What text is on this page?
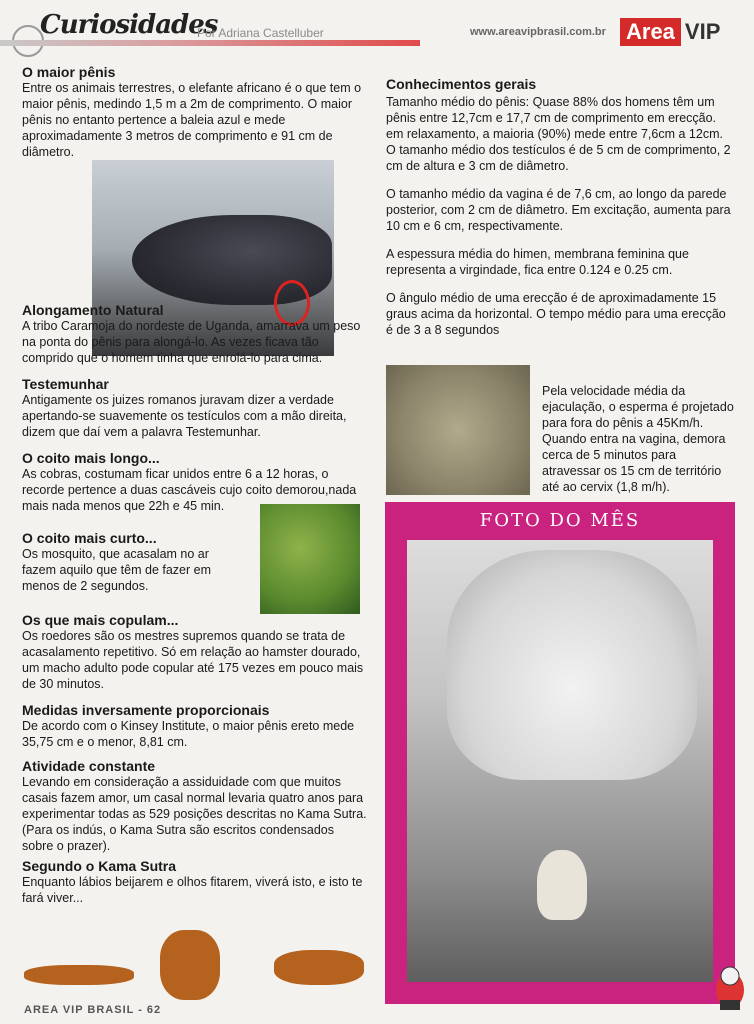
Curiosidades
Por Adriana Castelluber	www.areavipbrasil.com.br Area VIP
O maior pênis

Entre os animais terrestres, o elefante africano é o que tem o maior pênis, medindo 1,5 m a 2m de comprimento. O maior pênis no entanto pertence a baleia azul e mede aproximadamente 3 metros de comprimento e 91 cm de diâmetro.

Alongamento Natural

A tribo Caramoja do nordeste de Uganda, amarrava um peso na ponta do pênis para alongá-lo. As vezes ficava tão comprido que o homem tinha que enrolá-lo para cima.

Testemunhar

Antigamente os juizes romanos juravam dizer a verdade apertando-se suavemente os testículos com a mão direita, dizem que daí vem a palavra Testemunhar.

O coito mais longo...

As cobras, costumam ficar unidos entre 6 a 12 horas, o recorde pertence a duas cascáveis cujo coito demorou,nada mais nada menos que 22h e 45 min.

O coito mais curto...

Os mosquito, que acasalam no ar fazem aquilo que têm de fazer em menos de 2 segundos.

Os que mais copulam...

Os roedores são os mestres supremos quando se trata de acasalamento repetitivo. Só em relação ao hamster dourado, um macho adulto pode copular até 175 vezes em pouco mais de 30 minutos.

Medidas inversamente proporcionais

De acordo com o Kinsey Institute, o maior pênis ereto mede 35,75 cm e o menor, 8,81 cm.

Atividade constante

Levando em consideração a assiduidade com que muitos casais fazem amor, um casal normal levaria quatro anos para experimentar todas as 529 posições descritas no Kama Sutra. (Para os indús, o Kama Sutra são escritos condensados sobre o prazer).

Segundo o Kama Sutra

Enquanto lábios beijarem e olhos fitarem, viverá isto, e isto te fará viver...

Conhecimentos gerais

Tamanho médio do pênis: Quase 88% dos homens têm um pênis entre 12,7cm e 17,7 cm de comprimento em erecção. em relaxamento, a maioria (90%) mede entre 7,6cm a 12cm. O tamanho médio dos testículos é de 5 cm de comprimento, 2 cm de altura e 3 cm de diâmetro.

O tamanho médio da vagina é de 7,6 cm, ao longo da parede posterior, com 2 cm de diâmetro. Em excitação, aumenta para 10 cm e 6 cm, respectivamente.

A espessura média do himen, membrana feminina que representa a virgindade, fica entre 0.124 e 0.25 cm.

O ângulo médio de uma erecção é de aproximadamente 15 graus acima da horizontal. O tempo médio para uma erecção é de 3 a 8 segundos

Pela velocidade média da ejaculação, o esperma é projetado para fora do pênis a 45Km/h. Quando entra na vagina, demora cerca de 5 minutos para atravessar os 15 cm de território até ao cervix (1,8 m/h).

FOTO DO MÊS
AREA VIP BRASIL - 62
